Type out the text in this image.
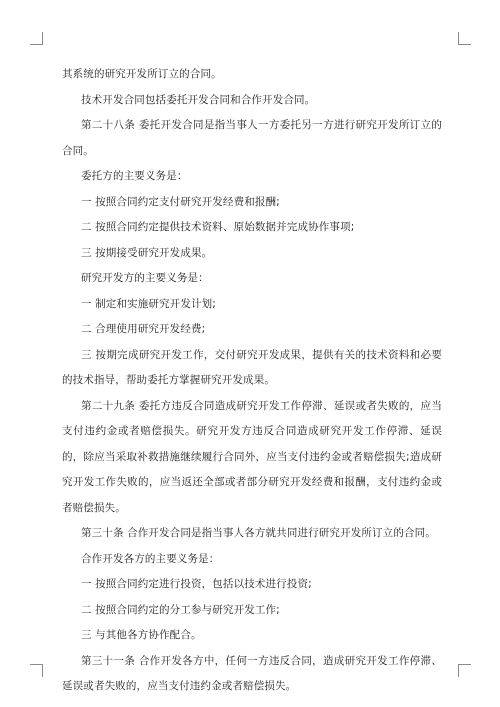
其系统的研究开发所订立的合同。

技术开发合同包括委托开发合同和合作开发合同。

第二十八条 委托开发合同是指当事人一方委托另一方进行研究开发所订立的合同。

委托方的主要义务是：

一 按照合同约定支付研究开发经费和报酬;

二 按照合同约定提供技术资料、原始数据并完成协作事项;

三 按期接受研究开发成果。

研究开发方的主要义务是：

一 制定和实施研究开发计划;

二 合理使用研究开发经费;

三 按期完成研究开发工作，交付研究开发成果，提供有关的技术资料和必要的技术指导，帮助委托方掌握研究开发成果。

第二十九条 委托方违反合同造成研究开发工作停滞、延误或者失败的，应当支付违约金或者赔偿损失。研究开发方违反合同造成研究开发工作停滞、延误的，除应当采取补救措施继续履行合同外，应当支付违约金或者赔偿损失;造成研究开发工作失败的，应当返还全部或者部分研究开发经费和报酬，支付违约金或者赔偿损失。

第三十条 合作开发合同是指当事人各方就共同进行研究开发所订立的合同。

合作开发各方的主要义务是：

一 按照合同约定进行投资，包括以技术进行投资;

二 按照合同约定的分工参与研究开发工作;

三 与其他各方协作配合。

第三十一条 合作开发各方中，任何一方违反合同，造成研究开发工作停滞、延误或者失败的，应当支付违约金或者赔偿损失。
